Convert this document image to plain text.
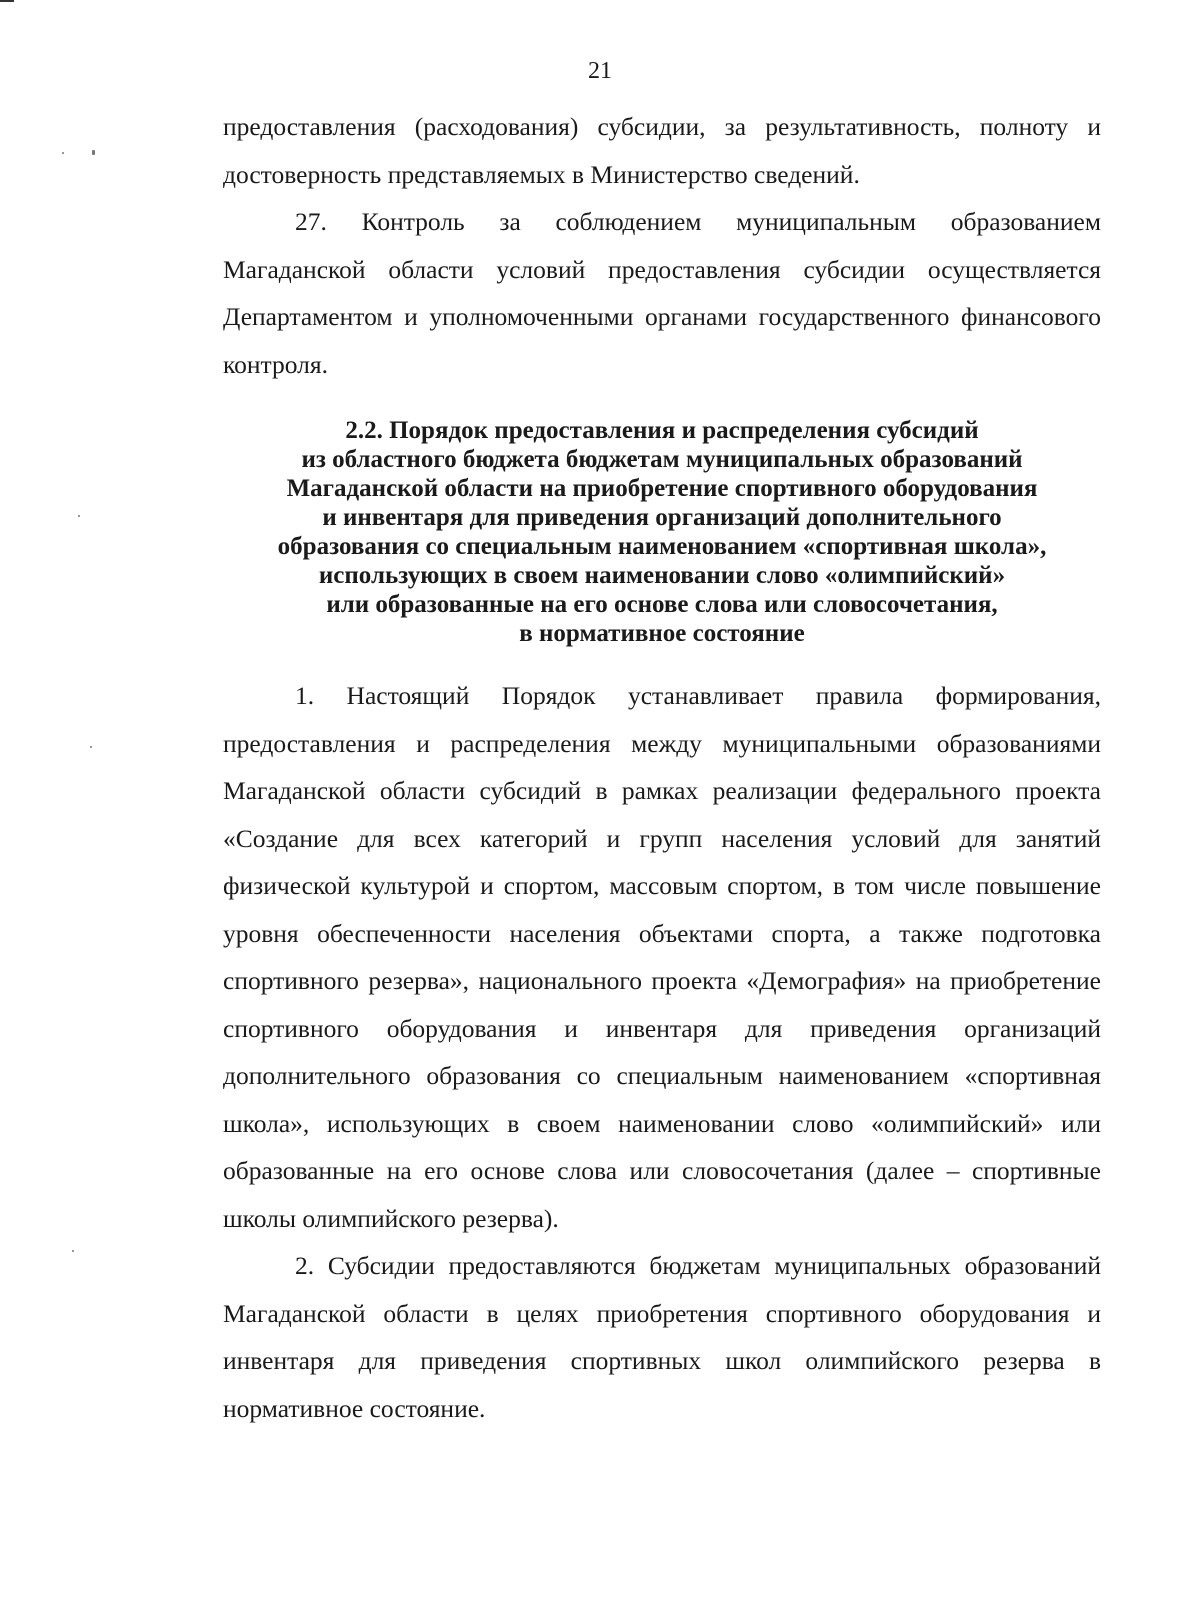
21

предоставления (расходования) субсидии, за результативность, полноту и достоверность представляемых в Министерство сведений.

27. Контроль за соблюдением муниципальным образованием Магаданской области условий предоставления субсидии осуществляется Департаментом и уполномоченными органами государственного финансового контроля.

2.2. Порядок предоставления и распределения субсидий
из областного бюджета бюджетам муниципальных образований
Магаданской области на приобретение спортивного оборудования
и инвентаря для приведения организаций дополнительного
образования со специальным наименованием «спортивная школа»,
использующих в своем наименовании слово «олимпийский»
или образованные на его основе слова или словосочетания,
в нормативное состояние

1. Настоящий Порядок устанавливает правила формирования, предоставления и распределения между муниципальными образованиями Магаданской области субсидий в рамках реализации федерального проекта «Создание для всех категорий и групп населения условий для занятий физической культурой и спортом, массовым спортом, в том числе повышение уровня обеспеченности населения объектами спорта, а также подготовка спортивного резерва», национального проекта «Демография» на приобретение спортивного оборудования и инвентаря для приведения организаций дополнительного образования со специальным наименованием «спортивная школа», использующих в своем наименовании слово «олимпийский» или образованные на его основе слова или словосочетания (далее – спортивные школы олимпийского резерва).

2. Субсидии предоставляются бюджетам муниципальных образований Магаданской области в целях приобретения спортивного оборудования и инвентаря для приведения спортивных школ олимпийского резерва в нормативное состояние.
